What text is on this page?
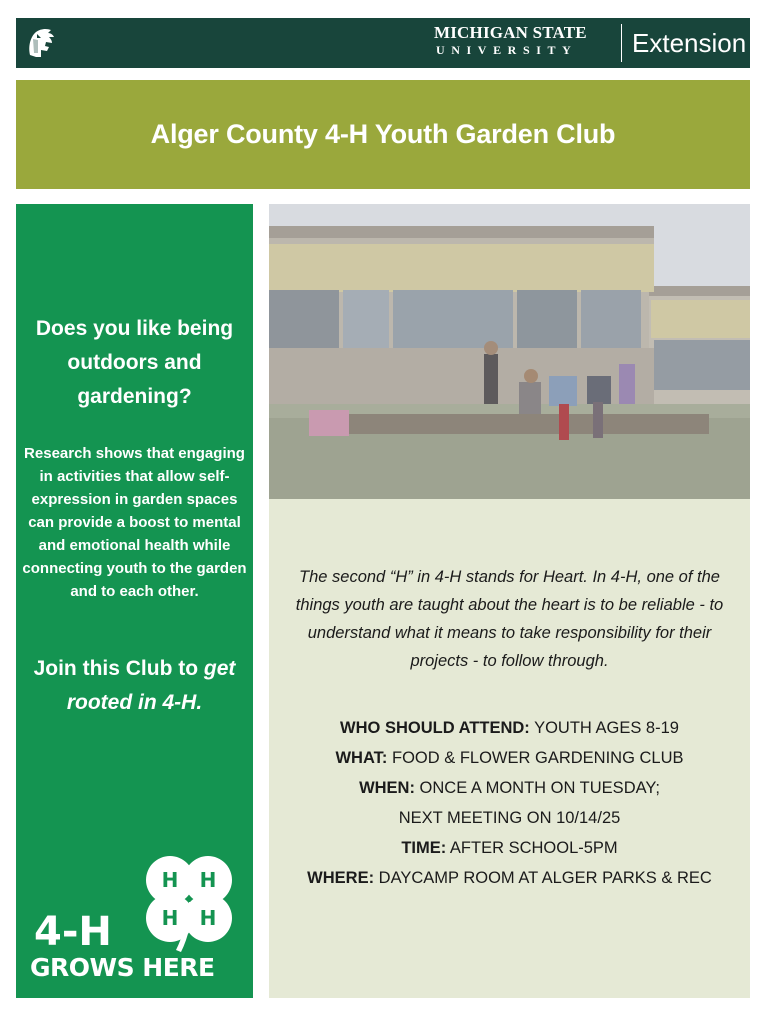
MICHIGAN STATE
UNIVERSITY	Extension
Alger County 4-H Youth Garden Club
Does you like being outdoors and gardening?
Research shows that engaging in activities that allow self-expression in garden spaces can provide a boost to mental and emotional health while connecting youth to the garden and to each other.
Join this Club to get rooted in 4-H.
H H
H H
4-H
GROWS HERE
The second “H” in 4-H stands for Heart. In 4-H, one of the things youth are taught about the heart is to be reliable - to understand what it means to take responsibility for their projects - to follow through.
WHO SHOULD ATTEND: YOUTH AGES 8-19
WHAT: FOOD & FLOWER GARDENING CLUB
WHEN: ONCE A MONTH ON TUESDAY;
NEXT MEETING ON 10/14/25
TIME: AFTER SCHOOL-5PM
WHERE: DAYCAMP ROOM AT ALGER PARKS & REC
